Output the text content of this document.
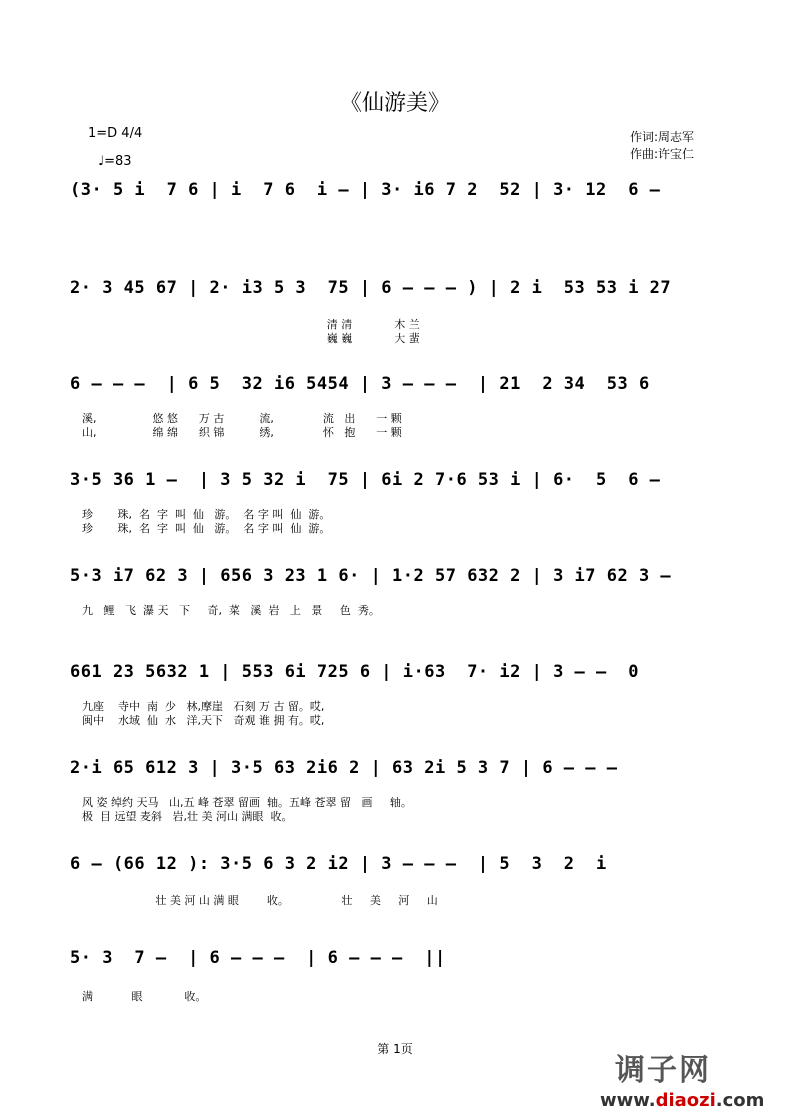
《仙游美》
1=D 4/4
♩=83
作词:周志军
作曲:许宝仁
(3· 5 i  7 6 | i  7 6  i – | 3· i6 7 2  52 | 3· 12  6 –
2· 3 45 67 | 2· i3 5 3  75 | 6 – – – ) | 2 i  53 53 i 27
清 清            木 兰
巍 巍            大 蜚
6 – – –  | 6 5  32 i6 5454 | 3 – – –  | 21  2 34  53 6
溪,                悠 悠      万 古          流,              流   出      一 颗
山,                绵 绵      织 锦          绣,              怀   抱      一 颗
3·5 36 1 –  | 3 5 32 i  75 | 6i 2 7·6 53 i | 6·  5  6 –
珍       珠,  名  字  叫  仙   游。  名 字 叫  仙  游。
珍       珠,  名  字  叫  仙   游。  名 字 叫  仙  游。
5·3 i7 62 3 | 656 3 23 1 6· | 1·2 57 632 2 | 3 i7 62 3 –
九   鲤   飞  瀑 天   下     奇,  菜   溪  岩   上   景     色  秀。
661 23 5632 1 | 553 6i 725 6 | i·63  7· i2 | 3 – –  0
九座    寺中  南  少   林,摩崖   石刻 万 古 留。哎,
闽中    水域  仙  水   洋,天下   奇观 谁 拥 有。哎,
2·i 65 612 3 | 3·5 63 2i6 2 | 63 2i 5 3 7 | 6 – – –
风 姿 绰约 天马   山,五 峰 苍翠 留画  轴。五峰 苍翠 留   画     轴。
极  目 远望 麦斜   岩,壮 美 河山 满眼  收。
6 – (66 12 ): 3·5 6 3 2 i2 | 3 – – –  | 5  3  2  i
壮 美 河 山 满 眼        收。               壮     美     河     山
5· 3  7 –  | 6 – – –  | 6 – – –  ||
满           眼            收。
第 1页
调子网
www.diaozi.com
